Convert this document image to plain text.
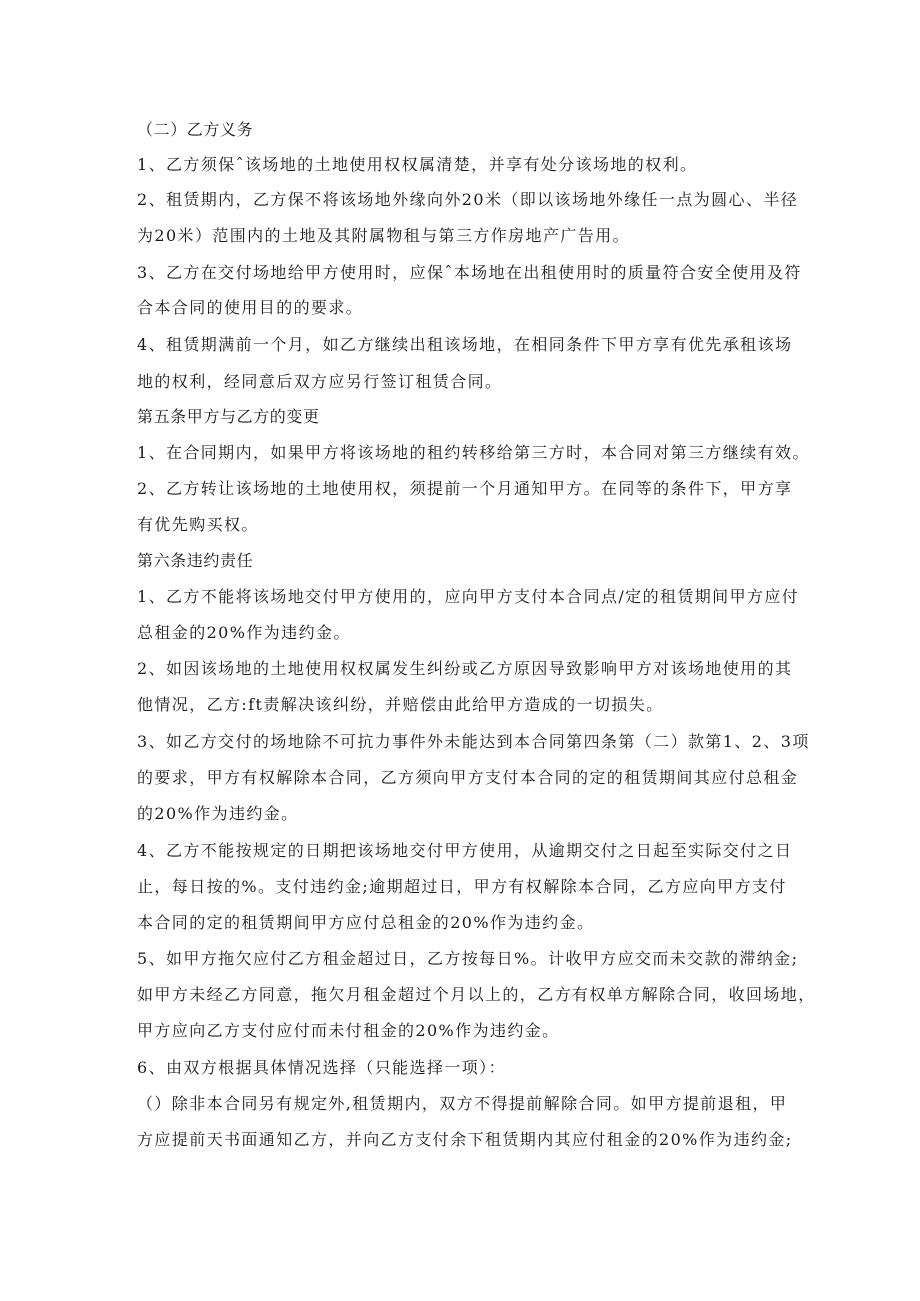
（二）乙方义务
1、乙方须保ˆ该场地的土地使用权权属清楚，并享有处分该场地的权利。
2、租赁期内，乙方保不将该场地外缘向外20米（即以该场地外缘任一点为圆心、半径
为20米）范围内的土地及其附属物租与第三方作房地产广告用。
3、乙方在交付场地给甲方使用时，应保ˆ本场地在出租使用时的质量符合安全使用及符
合本合同的使用目的的要求。
4、租赁期满前一个月，如乙方继续出租该场地，在相同条件下甲方享有优先承租该场
地的权利，经同意后双方应另行签订租赁合同。
第五条甲方与乙方的变更
1、在合同期内，如果甲方将该场地的租约转移给第三方时，本合同对第三方继续有效。
2、乙方转让该场地的土地使用权，须提前一个月通知甲方。在同等的条件下，甲方享
有优先购买权。
第六条违约责任
1、乙方不能将该场地交付甲方使用的，应向甲方支付本合同点/定的租赁期间甲方应付
总租金的20%作为违约金。
2、如因该场地的土地使用权权属发生纠纷或乙方原因导致影响甲方对该场地使用的其
他情况，乙方:ft责解决该纠纷，并赔偿由此给甲方造成的一切损失。
3、如乙方交付的场地除不可抗力事件外未能达到本合同第四条第（二）款第1、2、3项
的要求，甲方有权解除本合同，乙方须向甲方支付本合同的定的租赁期间其应付总租金
的20%作为违约金。
4、乙方不能按规定的日期把该场地交付甲方使用，从逾期交付之日起至实际交付之日
止，每日按的%。支付违约金;逾期超过日，甲方有权解除本合同，乙方应向甲方支付
本合同的定的租赁期间甲方应付总租金的20%作为违约金。
5、如甲方拖欠应付乙方租金超过日，乙方按每日%。计收甲方应交而未交款的滞纳金;
如甲方未经乙方同意，拖欠月租金超过个月以上的，乙方有权单方解除合同，收回场地，
甲方应向乙方支付应付而未付租金的20%作为违约金。
6、由双方根据具体情况选择（只能选择一项）：
（）除非本合同另有规定外,租赁期内，双方不得提前解除合同。如甲方提前退租，甲
方应提前天书面通知乙方，并向乙方支付余下租赁期内其应付租金的20%作为违约金;
